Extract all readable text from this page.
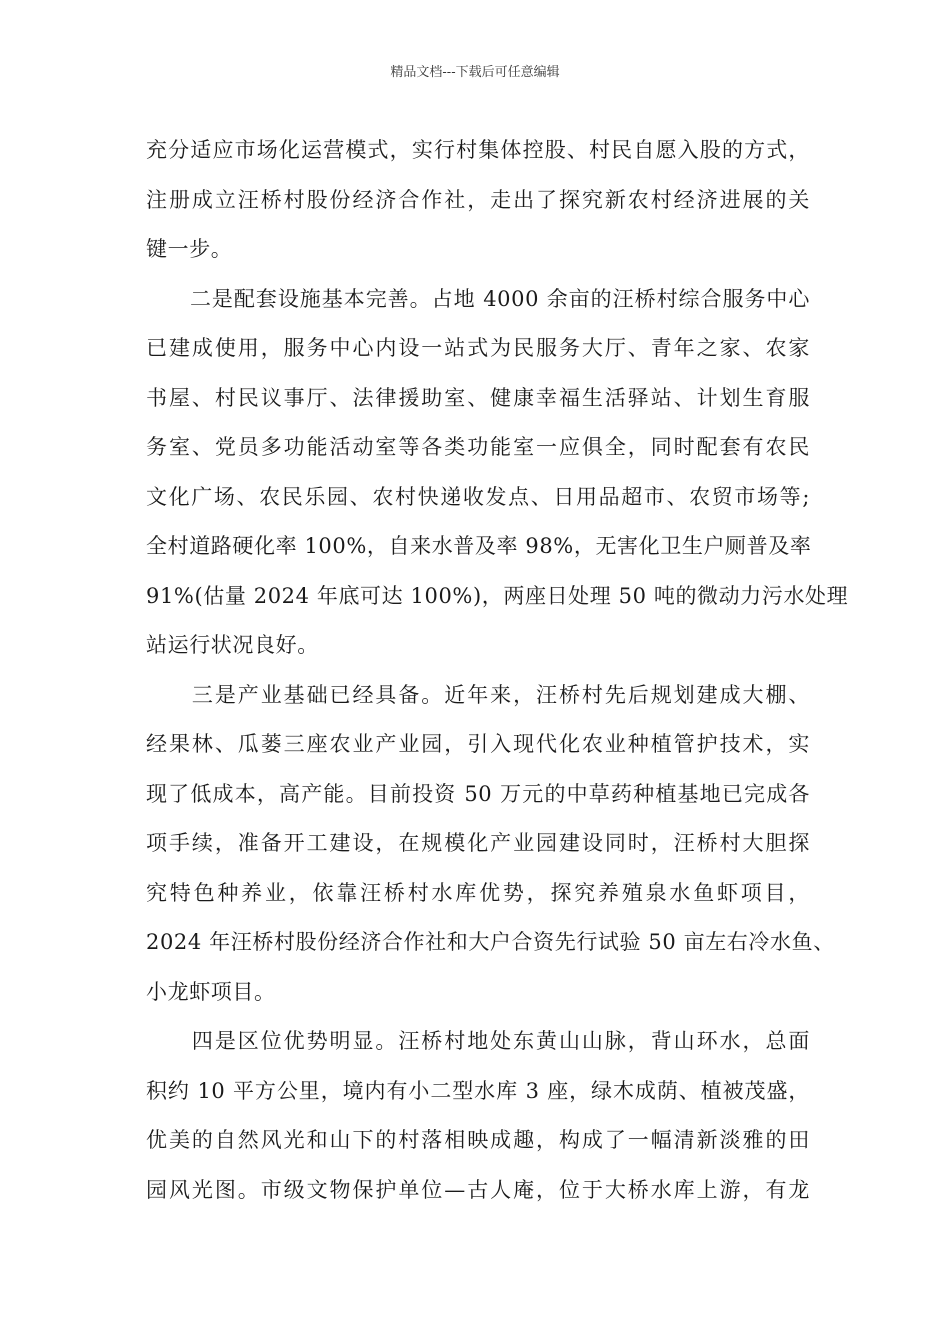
精品文档---下载后可任意编辑
充分适应市场化运营模式，实行村集体控股、村民自愿入股的方式，
注册成立汪桥村股份经济合作社，走出了探究新农村经济进展的关
键一步。
　　二是配套设施基本完善。占地 4000 余亩的汪桥村综合服务中心
已建成使用，服务中心内设一站式为民服务大厅、青年之家、农家
书屋、村民议事厅、法律援助室、健康幸福生活驿站、计划生育服
务室、党员多功能活动室等各类功能室一应俱全，同时配套有农民
文化广场、农民乐园、农村快递收发点、日用品超市、农贸市场等;
全村道路硬化率 100%，自来水普及率 98%，无害化卫生户厕普及率
91%(估量 2024 年底可达 100%)，两座日处理 50 吨的微动力污水处理
站运行状况良好。
　　三是产业基础已经具备。近年来，汪桥村先后规划建成大棚、
经果林、瓜蒌三座农业产业园，引入现代化农业种植管护技术，实
现了低成本，高产能。目前投资 50 万元的中草药种植基地已完成各
项手续，准备开工建设，在规模化产业园建设同时，汪桥村大胆探
究特色种养业，依靠汪桥村水库优势，探究养殖泉水鱼虾项目，
2024 年汪桥村股份经济合作社和大户合资先行试验 50 亩左右冷水鱼、
小龙虾项目。
　　四是区位优势明显。汪桥村地处东黄山山脉，背山环水，总面
积约 10 平方公里，境内有小二型水库 3 座，绿木成荫、植被茂盛，
优美的自然风光和山下的村落相映成趣，构成了一幅清新淡雅的田
园风光图。市级文物保护单位—古人庵，位于大桥水库上游，有龙
